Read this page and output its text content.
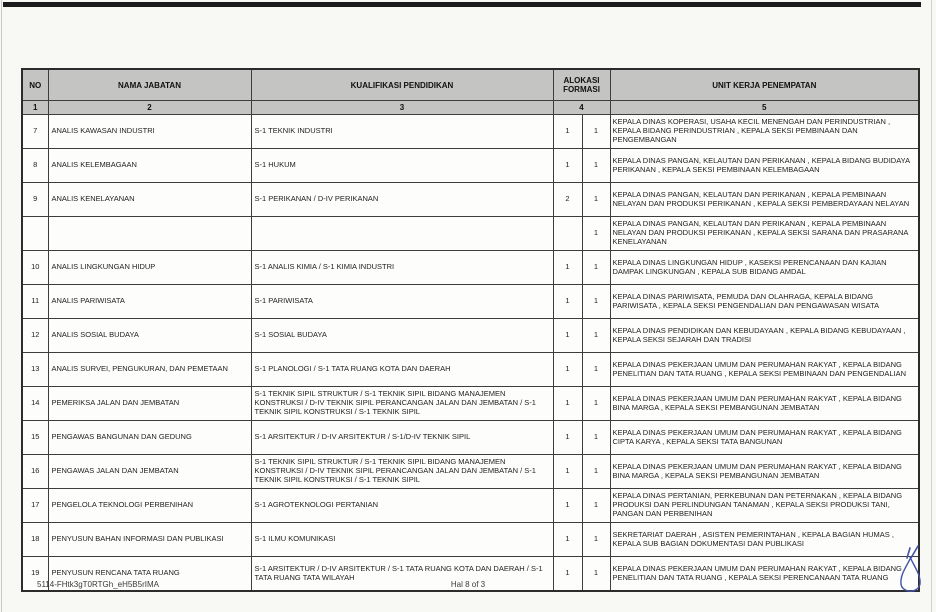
NO	NAMA JABATAN	KUALIFIKASI PENDIDIKAN	ALOKASI FORMASI		UNIT KERJA PENEMPATAN
1	2	3	4		5
7	ANALIS KAWASAN INDUSTRI	S-1 TEKNIK INDUSTRI	1	1	KEPALA DINAS KOPERASI, USAHA KECIL MENENGAH DAN PERINDUSTRIAN , KEPALA BIDANG PERINDUSTRIAN , KEPALA SEKSI PEMBINAAN DAN PENGEMBANGAN
8	ANALIS KELEMBAGAAN	S-1 HUKUM	1	1	KEPALA DINAS PANGAN, KELAUTAN DAN PERIKANAN , KEPALA BIDANG BUDIDAYA PERIKANAN , KEPALA SEKSI PEMBINAAN KELEMBAGAAN
9	ANALIS KENELAYANAN	S-1 PERIKANAN / D-IV PERIKANAN	2	1	KEPALA DINAS PANGAN, KELAUTAN DAN PERIKANAN , KEPALA PEMBINAAN NELAYAN DAN PRODUKSI PERIKANAN , KEPALA SEKSI PEMBERDAYAAN NELAYAN
				1	KEPALA DINAS PANGAN, KELAUTAN DAN PERIKANAN , KEPALA PEMBINAAN NELAYAN DAN PRODUKSI PERIKANAN , KEPALA SEKSI SARANA DAN PRASARANA KENELAYANAN
10	ANALIS LINGKUNGAN HIDUP	S-1 ANALIS KIMIA / S-1 KIMIA INDUSTRI	1	1	KEPALA DINAS LINGKUNGAN HIDUP , KASEKSI PERENCANAAN DAN KAJIAN DAMPAK LINGKUNGAN , KEPALA SUB BIDANG AMDAL
11	ANALIS PARIWISATA	S-1 PARIWISATA	1	1	KEPALA DINAS PARIWISATA, PEMUDA DAN OLAHRAGA, KEPALA BIDANG PARIWISATA , KEPALA SEKSI PENGENDALIAN DAN PENGAWASAN WISATA
12	ANALIS SOSIAL BUDAYA	S-1 SOSIAL BUDAYA	1	1	KEPALA DINAS PENDIDIKAN DAN KEBUDAYAAN , KEPALA BIDANG KEBUDAYAAN , KEPALA SEKSI SEJARAH DAN TRADISI
13	ANALIS SURVEI, PENGUKURAN, DAN PEMETAAN	S-1 PLANOLOGI / S-1 TATA RUANG KOTA DAN DAERAH	1	1	KEPALA DINAS PEKERJAAN UMUM DAN PERUMAHAN RAKYAT , KEPALA BIDANG PENELITIAN DAN TATA RUANG , KEPALA SEKSI PEMBINAAN DAN PENGENDALIAN
14	PEMERIKSA JALAN DAN JEMBATAN	S-1 TEKNIK SIPIL STRUKTUR / S-1 TEKNIK SIPIL BIDANG MANAJEMEN KONSTRUKSI / D-IV TEKNIK SIPIL PERANCANGAN JALAN DAN JEMBATAN / S-1 TEKNIK SIPIL KONSTRUKSI / S-1 TEKNIK SIPIL	1	1	KEPALA DINAS PEKERJAAN UMUM DAN PERUMAHAN RAKYAT , KEPALA BIDANG BINA MARGA , KEPALA SEKSI PEMBANGUNAN JEMBATAN
15	PENGAWAS BANGUNAN DAN GEDUNG	S-1 ARSITEKTUR / D-IV ARSITEKTUR / S-1/D-IV TEKNIK SIPIL	1	1	KEPALA DINAS PEKERJAAN UMUM DAN PERUMAHAN RAKYAT , KEPALA BIDANG CIPTA KARYA , KEPALA SEKSI TATA BANGUNAN
16	PENGAWAS JALAN DAN JEMBATAN	S-1 TEKNIK SIPIL STRUKTUR / S-1 TEKNIK SIPIL BIDANG MANAJEMEN KONSTRUKSI / D-IV TEKNIK SIPIL PERANCANGAN JALAN DAN JEMBATAN / S-1 TEKNIK SIPIL KONSTRUKSI / S-1 TEKNIK SIPIL	1	1	KEPALA DINAS PEKERJAAN UMUM DAN PERUMAHAN RAKYAT , KEPALA BIDANG BINA MARGA , KEPALA SEKSI PEMBANGUNAN JEMBATAN
17	PENGELOLA TEKNOLOGI PERBENIHAN	S-1 AGROTEKNOLOGI PERTANIAN	1	1	KEPALA DINAS PERTANIAN, PERKEBUNAN DAN PETERNAKAN , KEPALA BIDANG PRODUKSI DAN PERLINDUNGAN TANAMAN , KEPALA SEKSI PRODUKSI TANI, PANGAN DAN PERBENIHAN
18	PENYUSUN BAHAN INFORMASI DAN PUBLIKASI	S-1 ILMU KOMUNIKASI	1	1	SEKRETARIAT DAERAH , ASISTEN PEMERINTAHAN , KEPALA BAGIAN HUMAS , KEPALA SUB BAGIAN DOKUMENTASI DAN PUBLIKASI
19	PENYUSUN RENCANA TATA RUANG	S-1 ARSITEKTUR / D-IV ARSITEKTUR / S-1 TATA RUANG KOTA DAN DAERAH / S-1 TATA RUANG TATA WILAYAH	1	1	KEPALA DINAS PEKERJAAN UMUM DAN PERUMAHAN RAKYAT , KEPALA BIDANG PENELITIAN DAN TATA RUANG , KEPALA SEKSI PERENCANAAN TATA RUANG
5114-FHtk3gT0RTGh_eH5B5rIMA	Hal 8 of 3
